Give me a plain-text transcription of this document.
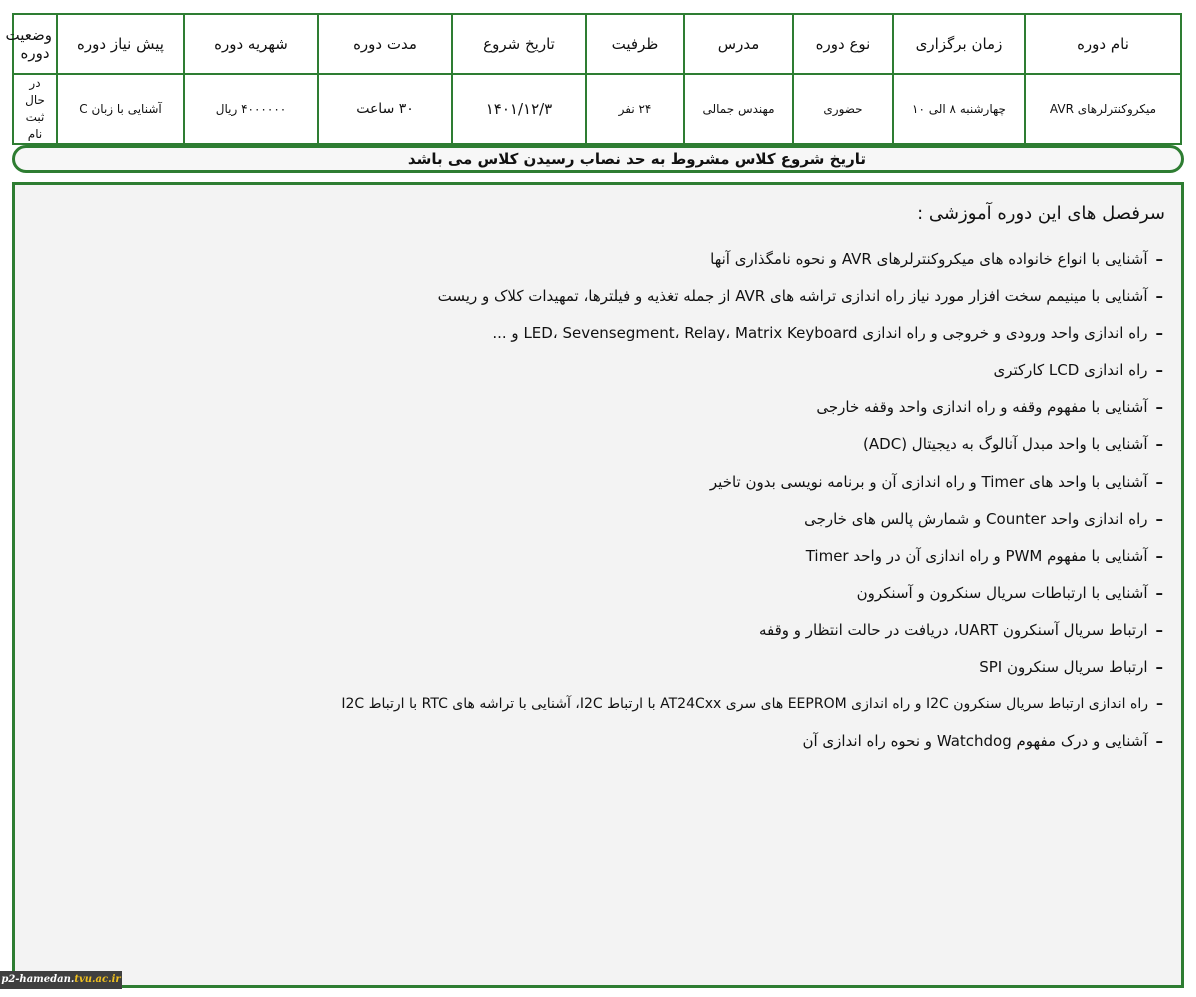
نام دوره	زمان برگزاری	نوع دوره	مدرس	ظرفیت	تاریخ شروع	مدت دوره	شهریه دوره	پیش نیاز دوره	وضعیت دوره
میکروکنترلرهای AVR	چهارشنبه ۸ الی ۱۰	حضوری	مهندس جمالی	۲۴ نفر	۱۴۰۱/۱۲/۳	۳۰ ساعت	۴۰۰۰۰۰۰ ریال	آشنایی با زبان C	در حال ثبت نام
تاریخ شروع کلاس مشروط به حد نصاب رسیدن کلاس می باشد
سرفصل های این دوره آموزشی :
–آشنایی با انواع خانواده های میکروکنترلرهای AVR و نحوه نامگذاری آنها
–آشنایی با مینیمم سخت افزار مورد نیاز راه اندازی تراشه های AVR از جمله تغذیه و فیلترها، تمهیدات کلاک و ریست
–راه اندازی واحد ورودی و خروجی و راه اندازی LED، Sevensegment، Relay، Matrix Keyboard و ...
–راه اندازی LCD کارکتری
–آشنایی با مفهوم وقفه و راه اندازی واحد وقفه خارجی
–آشنایی با واحد مبدل آنالوگ به دیجیتال (ADC)
–آشنایی با واحد های Timer و راه اندازی آن و برنامه نویسی بدون تاخیر
–راه اندازی واحد Counter و شمارش پالس های خارجی
–آشنایی با مفهوم PWM و راه اندازی آن در واحد Timer
–آشنایی با ارتباطات سریال سنکرون و آسنکرون
–ارتباط سریال آسنکرون UART، دریافت در حالت انتظار و وقفه
–ارتباط سریال سنکرون SPI
–راه اندازی ارتباط سریال سنکرون I2C و راه اندازی EEPROM های سری AT24Cxx با ارتباط I2C، آشنایی با تراشه های RTC با ارتباط I2C
–آشنایی و درک مفهوم Watchdog و نحوه راه اندازی آن
p2-hamedan.tvu.ac.ir
